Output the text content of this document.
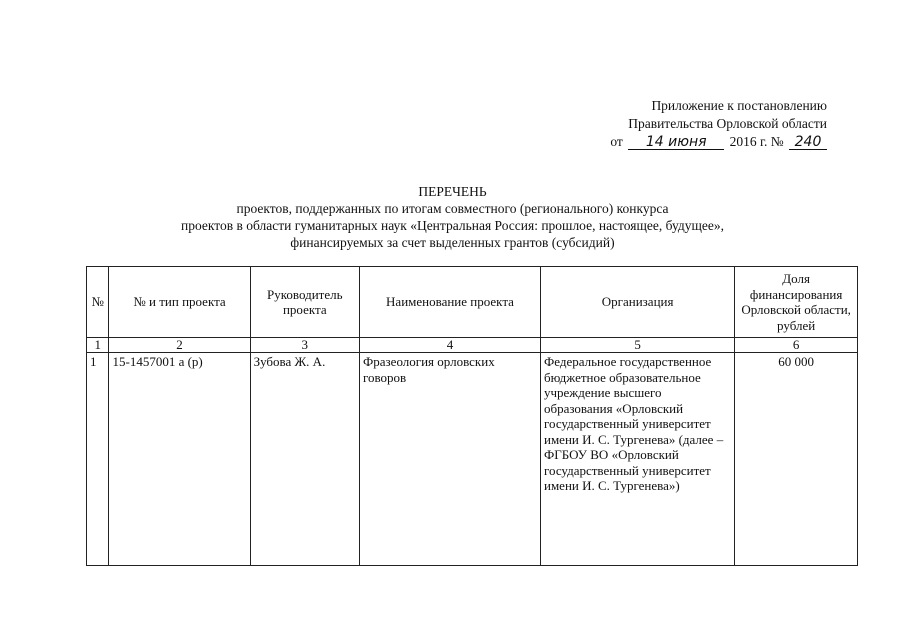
Приложение к постановлению
Правительства Орловской области
от 14 июня 2016 г. № 240
ПЕРЕЧЕНЬ
проектов, поддержанных по итогам совместного (регионального) конкурса
проектов в области гуманитарных наук «Центральная Россия: прошлое, настоящее, будущее»,
финансируемых за счет выделенных грантов (субсидий)
№	№ и тип проекта	Руководитель проекта	Наименование проекта	Организация	Доля финансирования Орловской области, рублей
1	2	3	4	5	6
1	15-1457001 а (р)	Зубова Ж. А.	Фразеология орловских говоров	Федеральное государственное бюджетное образовательное учреждение высшего образования «Орловский государственный университет имени И. С. Тургенева» (далее – ФГБОУ ВО «Орловский государственный университет имени И. С. Тургенева»)	60 000
